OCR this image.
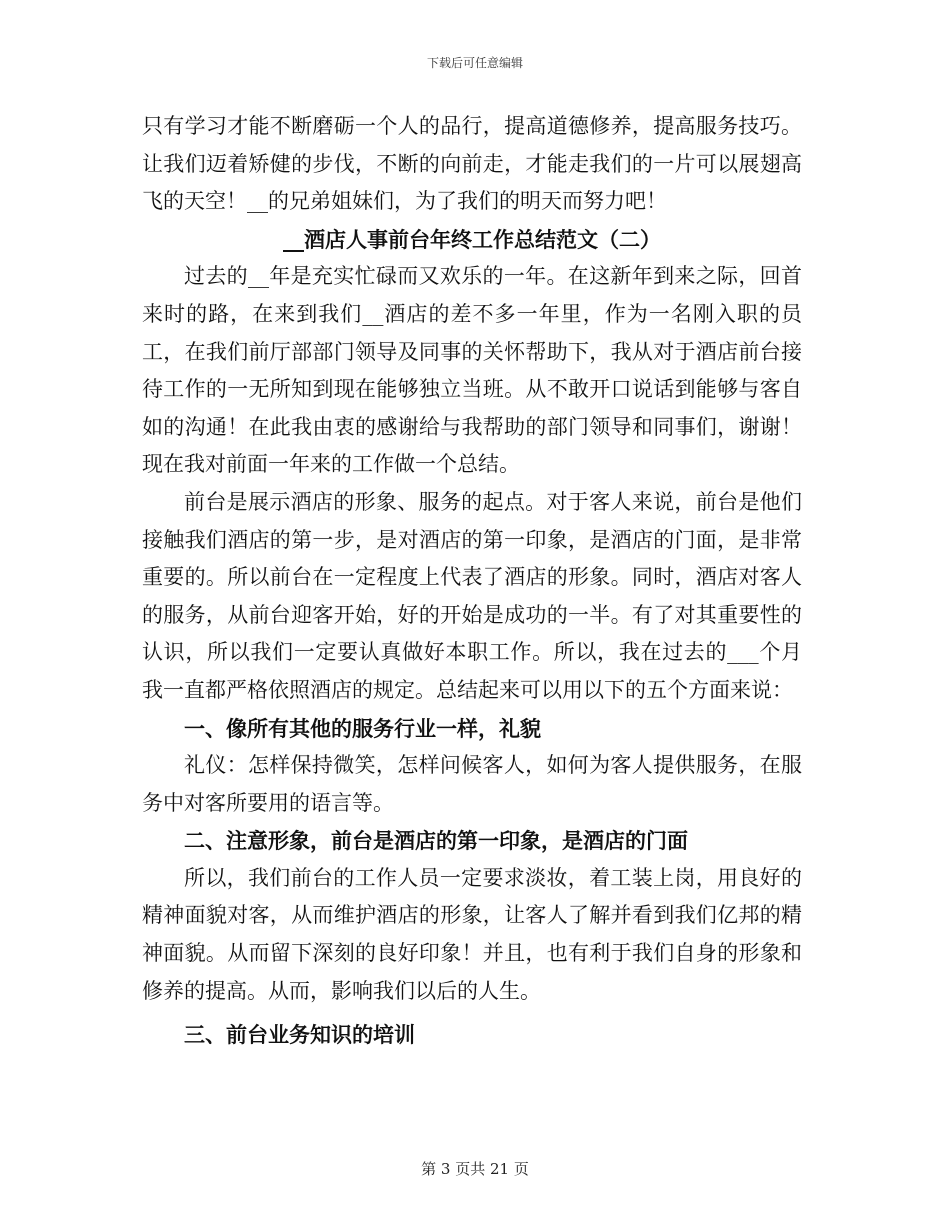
下载后可任意编辑

只有学习才能不断磨砺一个人的品行，提高道德修养，提高服务技巧。让我们迈着矫健的步伐，不断的向前走，才能走我们的一片可以展翅高飞的天空！__的兄弟姐妹们，为了我们的明天而努力吧！

__酒店人事前台年终工作总结范文（二）

过去的__年是充实忙碌而又欢乐的一年。在这新年到来之际，回首来时的路，在来到我们__酒店的差不多一年里，作为一名刚入职的员工，在我们前厅部部门领导及同事的关怀帮助下，我从对于酒店前台接待工作的一无所知到现在能够独立当班。从不敢开口说话到能够与客自如的沟通！在此我由衷的感谢给与我帮助的部门领导和同事们，谢谢！现在我对前面一年来的工作做一个总结。

前台是展示酒店的形象、服务的起点。对于客人来说，前台是他们接触我们酒店的第一步，是对酒店的第一印象，是酒店的门面，是非常重要的。所以前台在一定程度上代表了酒店的形象。同时，酒店对客人的服务，从前台迎客开始，好的开始是成功的一半。有了对其重要性的认识，所以我们一定要认真做好本职工作。所以，我在过去的___个月我一直都严格依照酒店的规定。总结起来可以用以下的五个方面来说：

一、像所有其他的服务行业一样，礼貌

礼仪：怎样保持微笑，怎样问候客人，如何为客人提供服务，在服务中对客所要用的语言等。

二、注意形象，前台是酒店的第一印象，是酒店的门面

所以，我们前台的工作人员一定要求淡妆，着工装上岗，用良好的精神面貌对客，从而维护酒店的形象，让客人了解并看到我们亿邦的精神面貌。从而留下深刻的良好印象！并且，也有利于我们自身的形象和修养的提高。从而，影响我们以后的人生。

三、前台业务知识的培训

第 3 页共 21 页
